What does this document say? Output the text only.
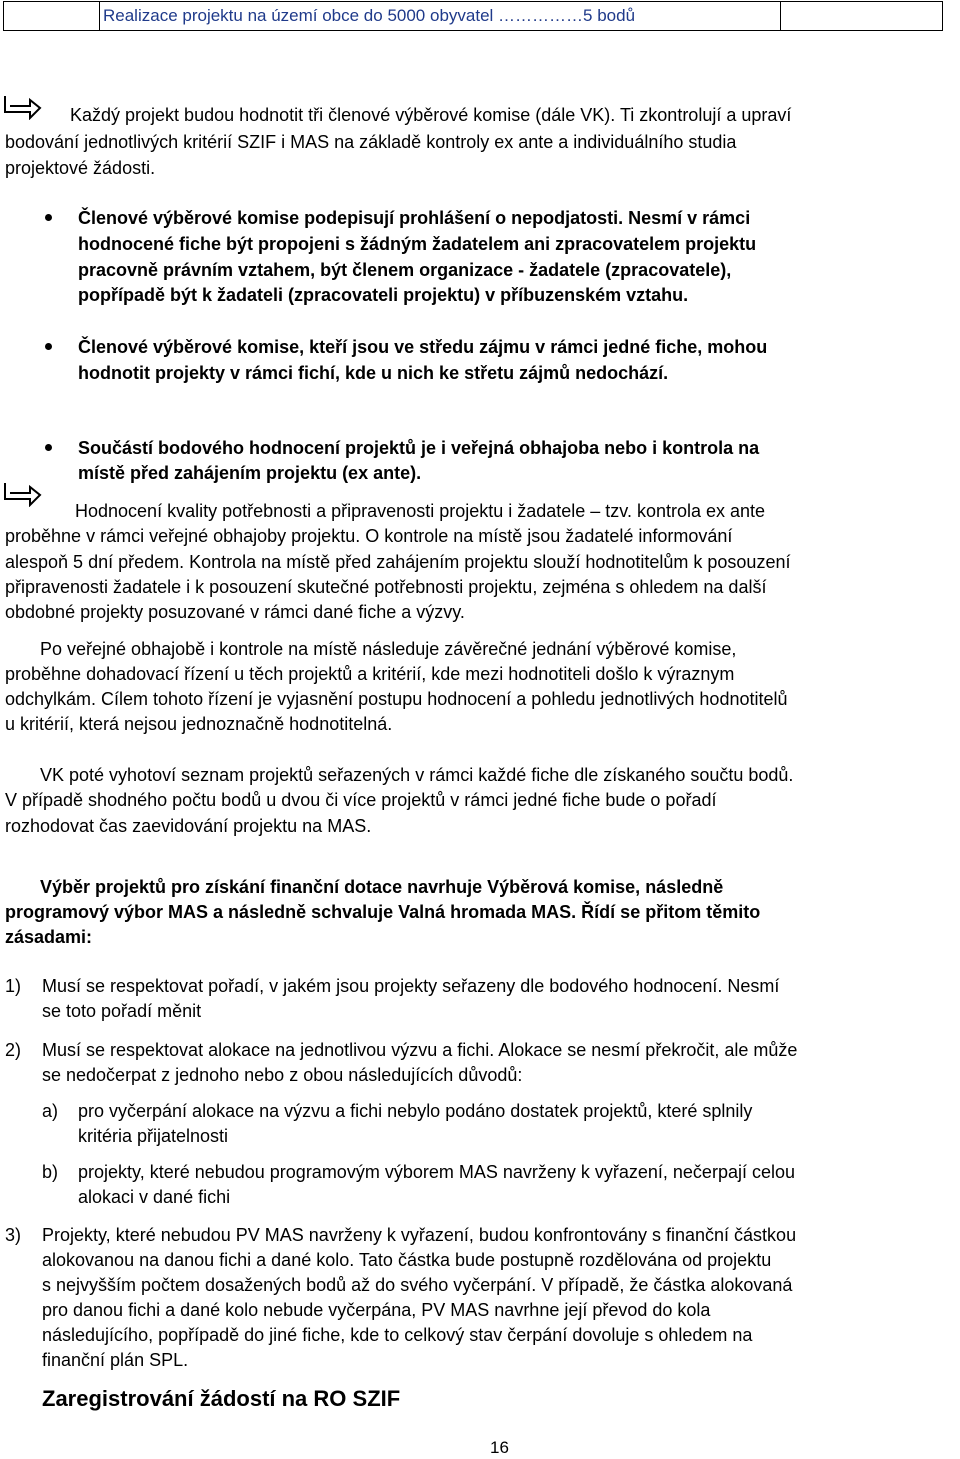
Realizace projektu na území obce do 5000 obyvatel ……………5 bodů
Každý projekt budou hodnotit tři členové výběrové komise (dále VK). Ti zkontrolují a upraví
bodování jednotlivých kritérií SZIF i MAS na základě kontroly ex ante a individuálního studia
projektové žádosti.
Členové výběrové komise podepisují prohlášení o nepodjatosti. Nesmí v rámci
hodnocené fiche být propojeni s žádným žadatelem ani zpracovatelem projektu
pracovně právním vztahem, být členem organizace - žadatele (zpracovatele),
popřípadě být k žadateli (zpracovateli projektu) v příbuzenském vztahu.
Členové výběrové komise, kteří jsou ve středu zájmu v rámci jedné fiche, mohou
hodnotit projekty v rámci fichí, kde u nich ke střetu zájmů nedochází.
Součástí bodového hodnocení projektů je i veřejná obhajoba nebo i kontrola na
místě před zahájením projektu (ex ante).
Hodnocení kvality potřebnosti a připravenosti projektu i žadatele – tzv. kontrola ex ante
proběhne v rámci veřejné obhajoby projektu. O kontrole na místě jsou žadatelé informování
alespoň 5 dní předem. Kontrola na místě před zahájením projektu slouží hodnotitelům k posouzení
připravenosti žadatele i k posouzení skutečné potřebnosti projektu, zejména s ohledem na další
obdobné projekty posuzované v rámci dané fiche a výzvy.
Po veřejné obhajobě i kontrole na místě následuje závěrečné jednání výběrové komise,
proběhne dohadovací řízení u těch projektů a kritérií, kde mezi hodnotiteli došlo k výraznym
odchylkám. Cílem tohoto řízení je vyjasnění postupu hodnocení a pohledu jednotlivých hodnotitelů
u kritérií, která nejsou jednoznačně hodnotitelná.
VK poté vyhotoví seznam projektů seřazených v rámci každé fiche dle získaného součtu bodů.
V případě shodného počtu bodů u dvou či více projektů v rámci jedné fiche bude o pořadí
rozhodovat čas zaevidování projektu na MAS.
Výběr projektů pro získání finanční dotace navrhuje Výběrová komise, následně
programový výbor MAS a následně schvaluje Valná hromada MAS. Řídí se přitom těmito
zásadami:
1) Musí se respektovat pořadí, v jakém jsou projekty seřazeny dle bodového hodnocení. Nesmí
se toto pořadí měnit
2) Musí se respektovat alokace na jednotlivou výzvu a fichi. Alokace se nesmí překročit, ale může
se nedočerpat z jednoho nebo z obou následujících důvodů:
a) pro vyčerpání alokace na výzvu a fichi nebylo podáno dostatek projektů, které splnily
kritéria přijatelnosti
b) projekty, které nebudou programovým výborem MAS navrženy k vyřazení, nečerpají celou
alokaci v dané fichi
3) Projekty, které nebudou PV MAS navrženy k vyřazení, budou konfrontovány s finanční částkou
alokovanou na danou fichi a dané kolo. Tato částka bude postupně rozdělována od projektu
s nejvyšším počtem dosažených bodů až do svého vyčerpání. V případě, že částka alokovaná
pro danou fichi a dané kolo nebude vyčerpána, PV MAS navrhne její převod do kola
následujícího, popřípadě do jiné fiche, kde to celkový stav čerpání dovoluje s ohledem na
finanční plán SPL.
Zaregistrování žádostí na RO SZIF
16
